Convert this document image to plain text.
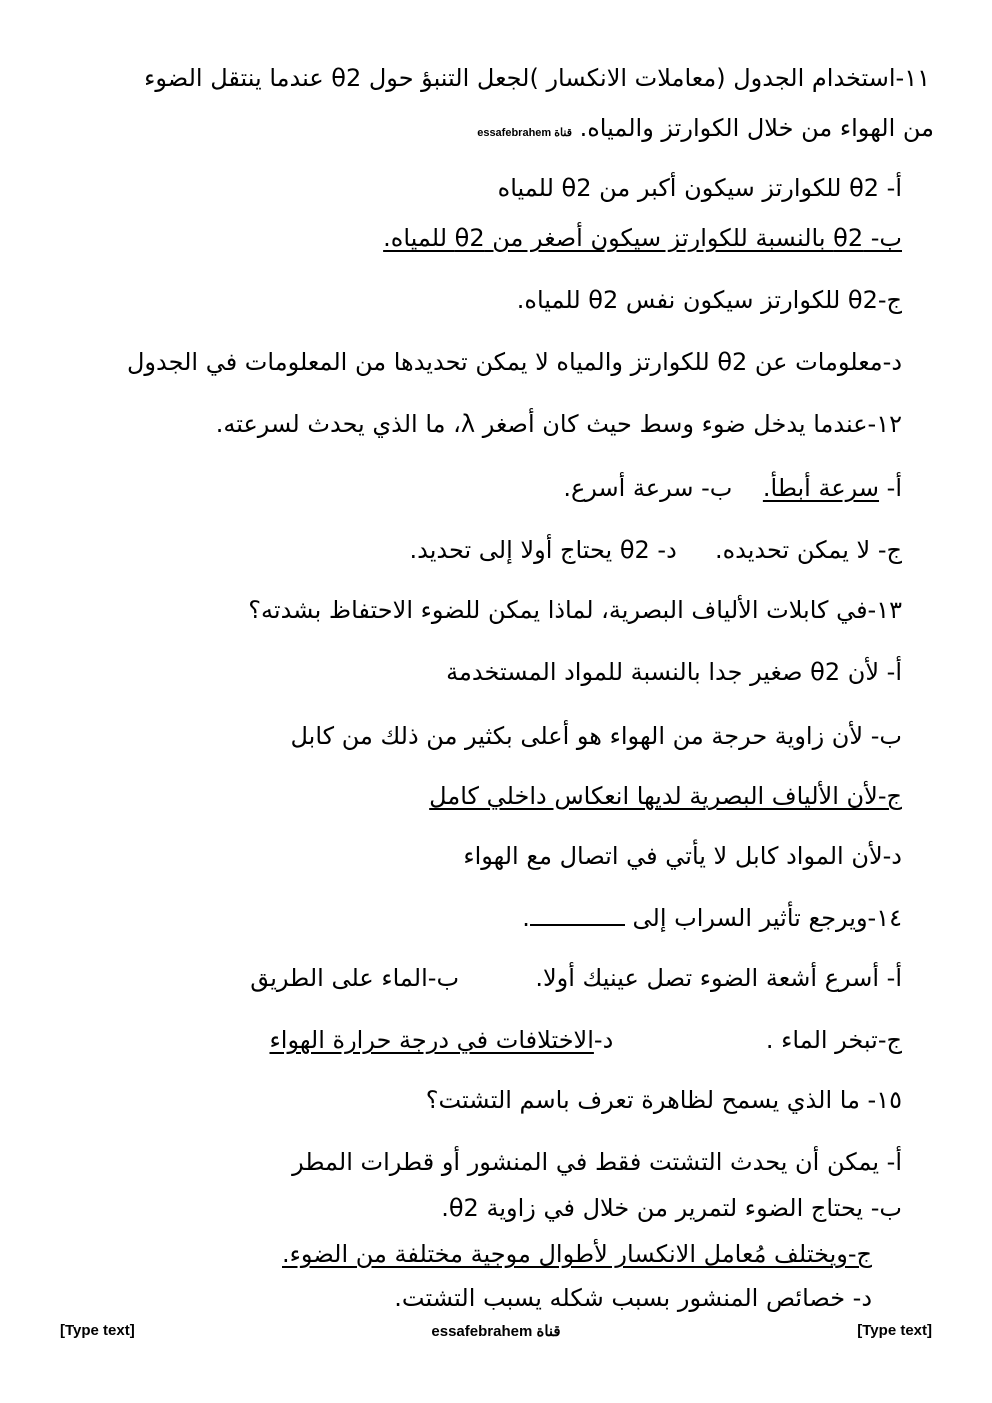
١١-استخدام الجدول (معاملات الانكسار )لجعل التنبؤ حول θ2 عندما ينتقل الضوء
من الهواء من خلال الكوارتز والمياه. قناة essafebrahem
أ- θ2 للكوارتز سيكون أكبر من θ2 للمياه
ب- θ2 بالنسبة للكوارتز سيكون أصغر من θ2 للمياه.
ج-θ2 للكوارتز سيكون نفس θ2 للمياه.
د-معلومات عن θ2 للكوارتز والمياه لا يمكن تحديدها من المعلومات في الجدول
١٢-عندما يدخل ضوء وسط حيث كان أصغر λ، ما الذي يحدث لسرعته.
أ- سرعة أبطأ.    ب- سرعة أسرع.
ج- لا يمكن تحديده.     د- θ2 يحتاج أولا إلى تحديد.
١٣-في كابلات الألياف البصرية، لماذا يمكن للضوء الاحتفاظ بشدته؟
أ- لأن θ2 صغير جدا بالنسبة للمواد المستخدمة
ب- لأن زاوية حرجة من الهواء هو أعلى بكثير من ذلك من كابل
ج-لأن الألياف البصرية لديها انعكاس داخلي كامل
د-لأن المواد كابل لا يأتي في اتصال مع الهواء
١٤-ويرجع تأثير السراب إلى .
أ- أسرع أشعة الضوء تصل عينيك أولا.          ب-الماء على الطريق
ج-تبخر الماء .                    د-الاختلافات في درجة حرارة الهواء
١٥- ما الذي يسمح لظاهرة تعرف باسم التشتت؟
أ- يمكن أن يحدث التشتت فقط في المنشور أو قطرات المطر
ب- يحتاج الضوء لتمرير من خلال في زاوية θ2.
ج-ويختلف مُعامل الانكسار لأطوال موجية مختلفة من الضوء.
د- خصائص المنشور بسبب شكله يسبب التشتت.
[Type text]	قناة essafebrahem	[Type text]
